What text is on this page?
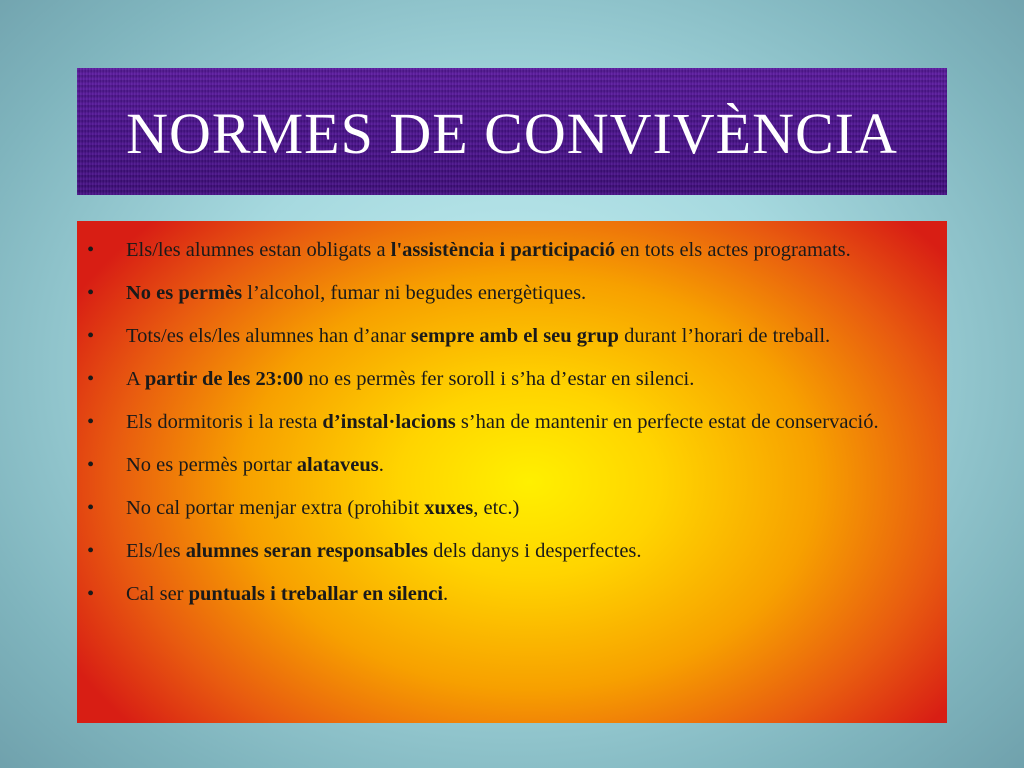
NORMES DE CONVIVÈNCIA
• Els/les alumnes estan obligats a l'assistència i participació en tots els actes programats.
• No es permès l’alcohol, fumar ni begudes energètiques.
• Tots/es els/les alumnes han d’anar sempre amb el seu grup durant l’horari de treball.
• A partir de les 23:00 no es permès fer soroll i s’ha d’estar en silenci.
• Els dormitoris i la resta d’instal·lacions s’han de mantenir en perfecte estat de conservació.
• No es permès portar alataveus.
• No cal portar menjar extra (prohibit xuxes, etc.)
• Els/les alumnes seran responsables dels danys i desperfectes.
• Cal ser puntuals i treballar en silenci.
